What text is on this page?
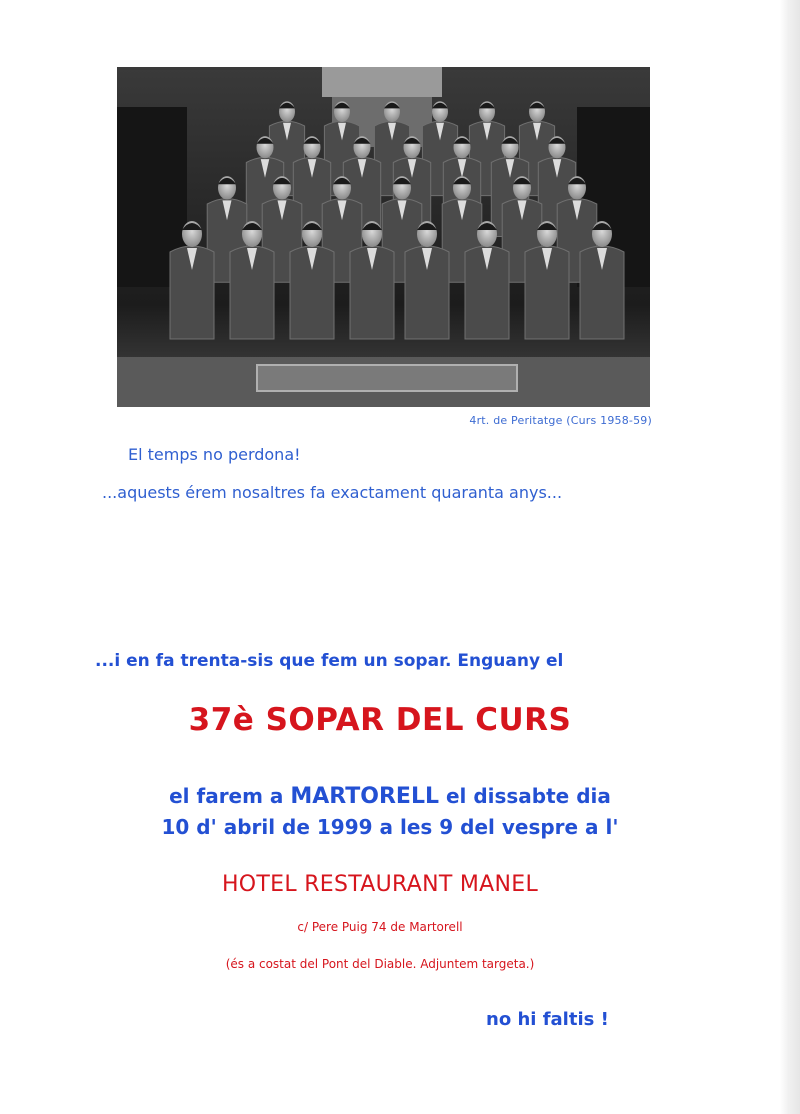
4rt. de Peritatge (Curs 1958-59)
El temps no perdona!
...aquests érem nosaltres fa exactament quaranta anys...
...i en fa trenta-sis que fem un sopar. Enguany el
37è SOPAR DEL CURS
el farem a MARTORELL el dissabte dia
10 d' abril de 1999 a les 9 del vespre a l'
HOTEL RESTAURANT MANEL
c/ Pere Puig 74 de Martorell
(és a costat del Pont del Diable. Adjuntem targeta.)
no hi faltis !
